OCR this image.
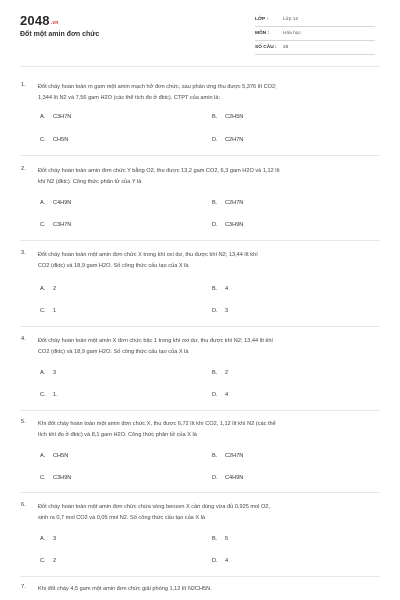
2048.vn
Đốt một amin đơn chức
LỚP :	Lớp 12
MÔN :	Hóa học
SỐ CÂU : 28
1. Đốt cháy hoàn toàn m gam một amin mạch hở đơn chức, sau phản ứng thu được 5,376 lít CO2;
1,344 lít N2 và 7,56 gam H2O (các thể tích đo ở đktc). CTPT của amin là:
A. C3H7N	B. C2H5N
C. CH5N	D. C2H7N
2. Đốt cháy hoàn toàn amin đơn chức Y bằng O2, thu được 13,2 gam CO2, 6,3 gam H2O và 1,12 lít
khí N2 (đktc). Công thức phân tử của Y là
A. C4H9N	B. C2H7N
C. C3H7N	D. C3H9N
3. Đốt cháy hoàn toàn một amin đơn chức X trong khí oxi dư, thu được khí N2; 13,44 lít khí
CO2 (đktc) và 18,9 gam H2O. Số công thức cấu tạo của X là
A. 2	B. 4
C. 1	D. 3
4. Đốt cháy hoàn toàn một amin X đơn chức bậc 1 trong khí oxi dư, thu được khí N2; 13,44 lít khí
CO2 (đktc) và 18,9 gam H2O. Số công thức cấu tạo của X là
A. 3	B. 2
C. 1.	D. 4
5. Khi đốt cháy hoàn toàn một amin đơn chức X, thu được 6,72 lít khí CO2, 1,12 lít khí N2 (các thể
tích khí đo ở đktc) và 8,1 gam H2O. Công thức phân tử của X là
A. CH5N	B. C2H7N
C. C3H9N	D. C4H9N
6. Đốt cháy hoàn toàn một amin đơn chức chứa vòng benzen X cần dùng vừa đủ 0,925 mol O2,
sinh ra 0,7 mol CO2 và 0,05 mol N2. Số công thức cấu tạo của X là
A. 3	B. 5
C. 2	D. 4
7. Khi đốt cháy 4,5 gam một amin đơn chức giải phóng 1,12 lít N2CH5N.
